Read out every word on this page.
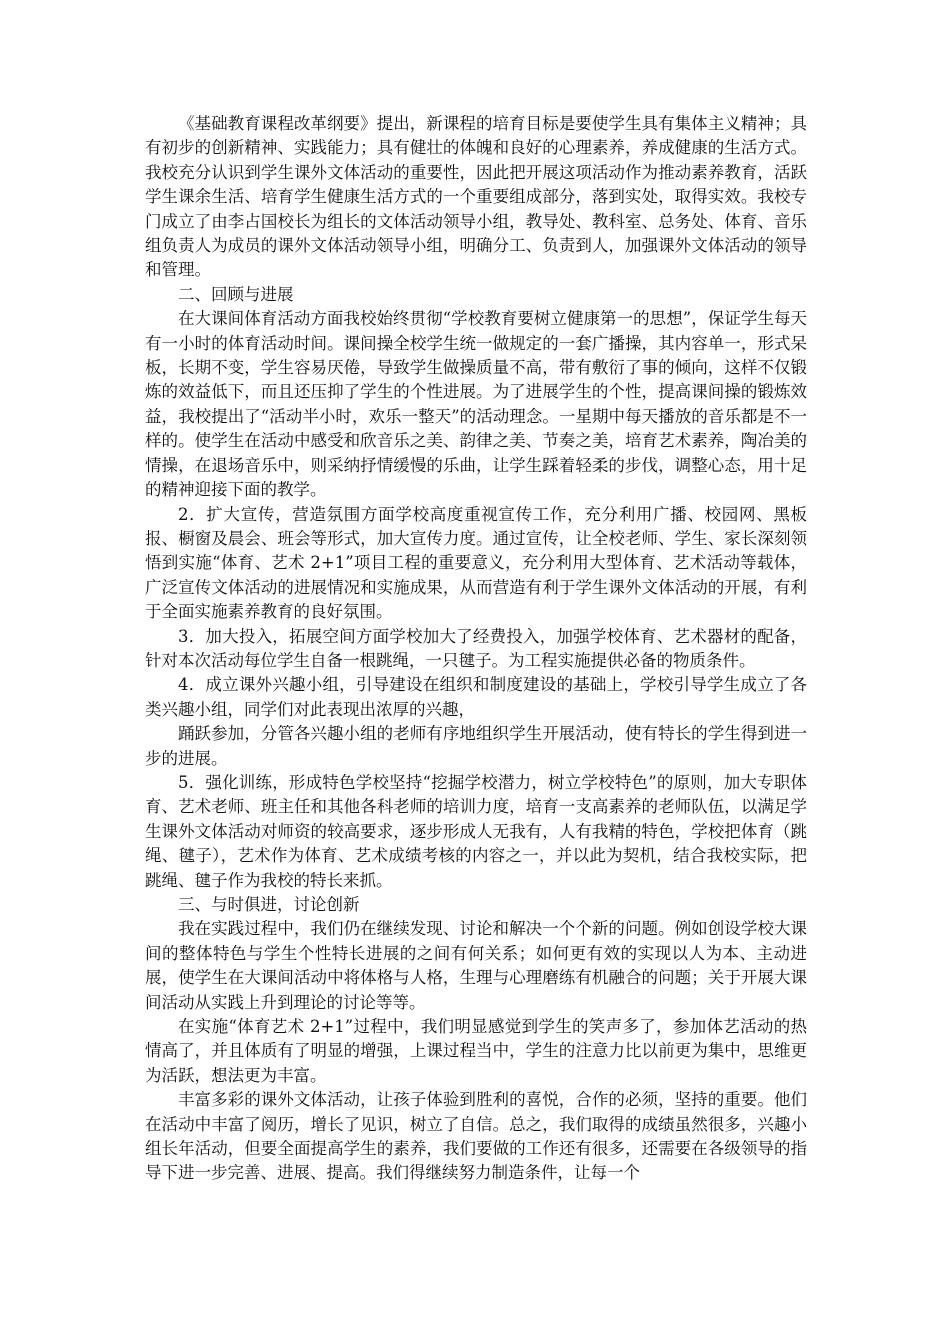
《基础教育课程改革纲要》提出，新课程的培育目标是要使学生具有集体主义精神；具有初步的创新精神、实践能力；具有健壮的体魄和良好的心理素养，养成健康的生活方式。我校充分认识到学生课外文体活动的重要性，因此把开展这项活动作为推动素养教育，活跃学生课余生活、培育学生健康生活方式的一个重要组成部分，落到实处，取得实效。我校专门成立了由李占国校长为组长的文体活动领导小组，教导处、教科室、总务处、体育、音乐组负责人为成员的课外文体活动领导小组，明确分工、负责到人，加强课外文体活动的领导和管理。

二、回顾与进展

在大课间体育活动方面我校始终贯彻“学校教育要树立健康第一的思想”，保证学生每天有一小时的体育活动时间。课间操全校学生统一做规定的一套广播操，其内容单一，形式呆板，长期不变，学生容易厌倦，导致学生做操质量不高，带有敷衍了事的倾向，这样不仅锻炼的效益低下，而且还压抑了学生的个性进展。为了进展学生的个性，提高课间操的锻炼效益，我校提出了“活动半小时，欢乐一整天”的活动理念。一星期中每天播放的音乐都是不一样的。使学生在活动中感受和欣音乐之美、韵律之美、节奏之美，培育艺术素养，陶冶美的情操，在退场音乐中，则采纳抒情缓慢的乐曲，让学生踩着轻柔的步伐，调整心态，用十足的精神迎接下面的教学。

2．扩大宣传，营造氛围方面学校高度重视宣传工作，充分利用广播、校园网、黑板报、橱窗及晨会、班会等形式，加大宣传力度。通过宣传，让全校老师、学生、家长深刻领悟到实施“体育、艺术 2+1”项目工程的重要意义，充分利用大型体育、艺术活动等载体，广泛宣传文体活动的进展情况和实施成果，从而营造有利于学生课外文体活动的开展，有利于全面实施素养教育的良好氛围。

3．加大投入，拓展空间方面学校加大了经费投入，加强学校体育、艺术器材的配备，针对本次活动每位学生自备一根跳绳，一只毽子。为工程实施提供必备的物质条件。

4．成立课外兴趣小组，引导建设在组织和制度建设的基础上，学校引导学生成立了各类兴趣小组，同学们对此表现出浓厚的兴趣，

踊跃参加，分管各兴趣小组的老师有序地组织学生开展活动，使有特长的学生得到进一步的进展。

5．强化训练，形成特色学校坚持“挖掘学校潜力，树立学校特色”的原则，加大专职体育、艺术老师、班主任和其他各科老师的培训力度，培育一支高素养的老师队伍，以满足学生课外文体活动对师资的较高要求，逐步形成人无我有，人有我精的特色，学校把体育（跳绳、毽子），艺术作为体育、艺术成绩考核的内容之一，并以此为契机，结合我校实际，把跳绳、毽子作为我校的特长来抓。

三、与时俱进，讨论创新

我在实践过程中，我们仍在继续发现、讨论和解决一个个新的问题。例如创设学校大课间的整体特色与学生个性特长进展的之间有何关系；如何更有效的实现以人为本、主动进展，使学生在大课间活动中将体格与人格，生理与心理磨练有机融合的问题；关于开展大课间活动从实践上升到理论的讨论等等。

在实施“体育艺术 2+1”过程中，我们明显感觉到学生的笑声多了，参加体艺活动的热情高了，并且体质有了明显的增强，上课过程当中，学生的注意力比以前更为集中，思维更为活跃，想法更为丰富。

丰富多彩的课外文体活动，让孩子体验到胜利的喜悦，合作的必须，坚持的重要。他们在活动中丰富了阅历，增长了见识，树立了自信。总之，我们取得的成绩虽然很多，兴趣小组长年活动，但要全面提高学生的素养，我们要做的工作还有很多，还需要在各级领导的指导下进一步完善、进展、提高。我们得继续努力制造条件，让每一个
